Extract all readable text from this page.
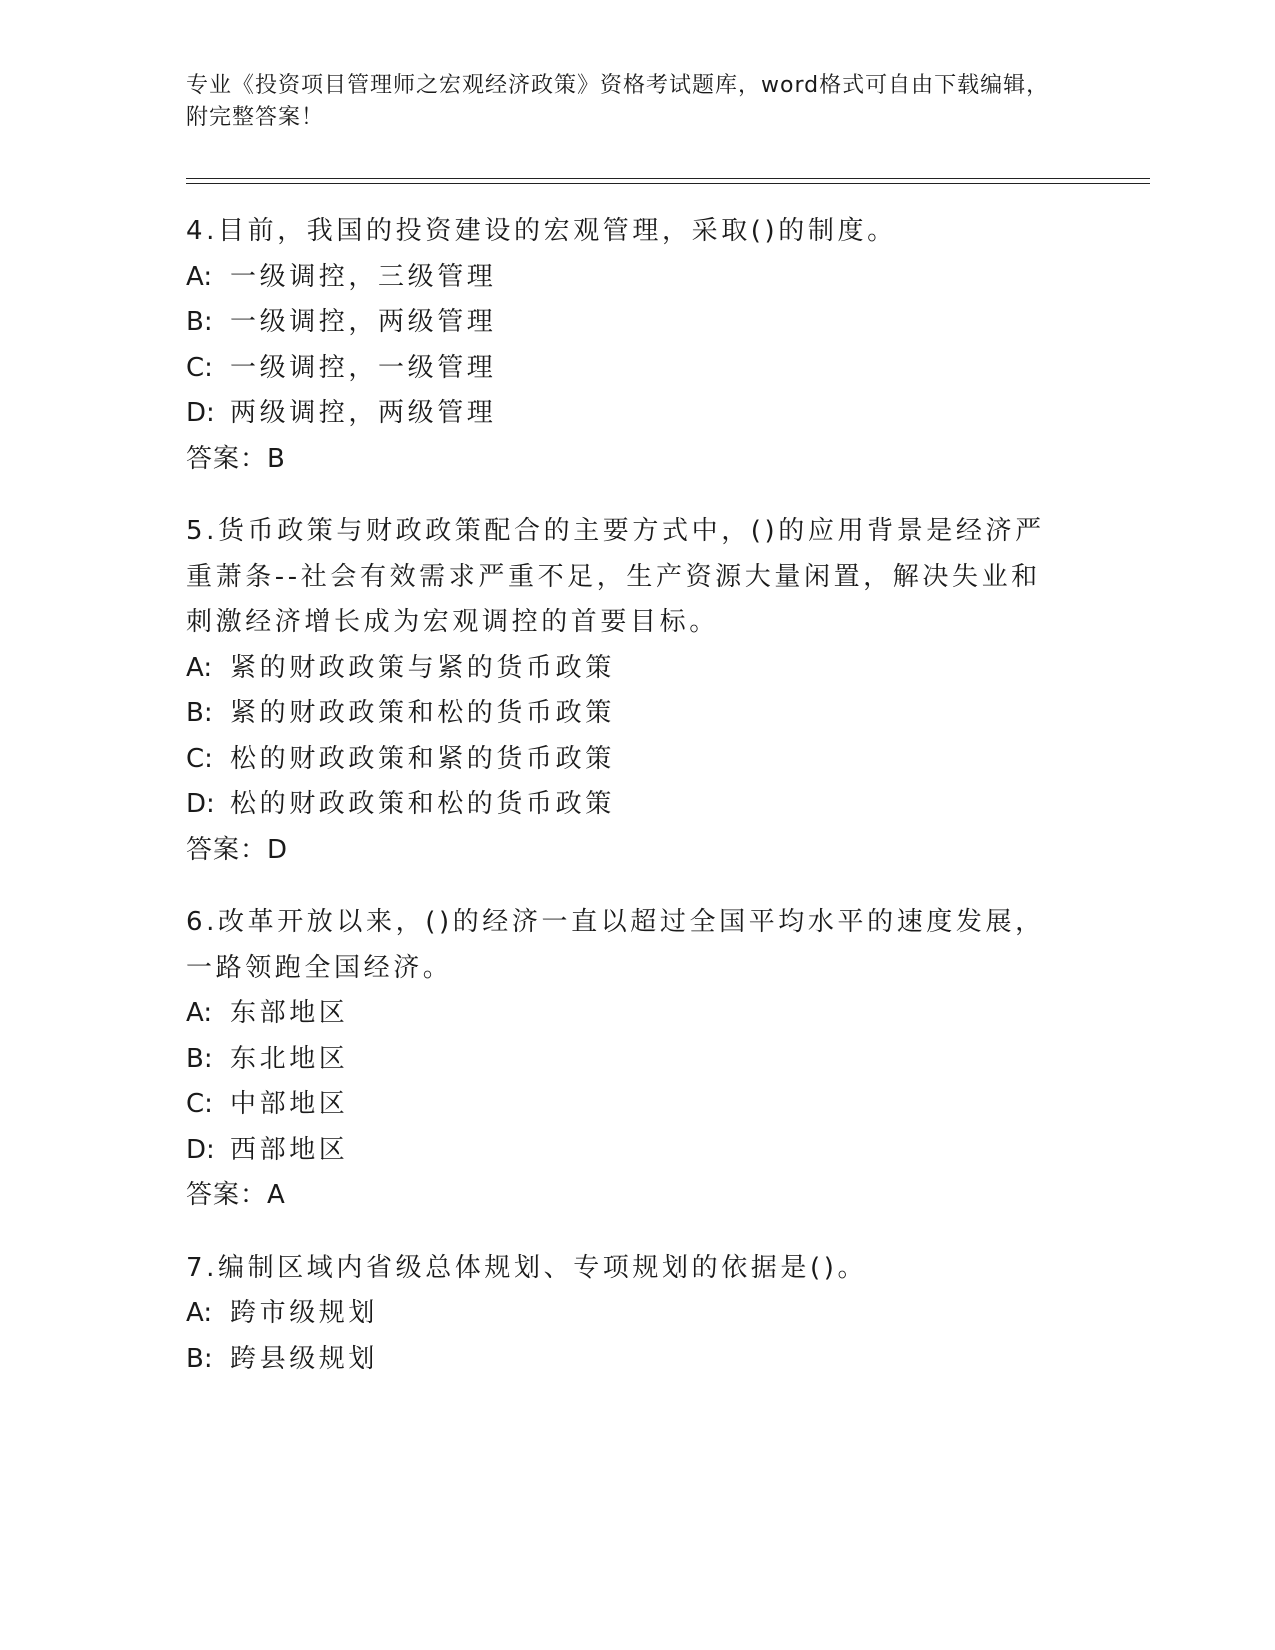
专业《投资项目管理师之宏观经济政策》资格考试题库，word格式可自由下载编辑，附完整答案！

4.目前，我国的投资建设的宏观管理，采取()的制度。

A: 一级调控，三级管理

B: 一级调控，两级管理

C: 一级调控，一级管理

D: 两级调控，两级管理

答案：B

5.货币政策与财政政策配合的主要方式中，()的应用背景是经济严重萧条--社会有效需求严重不足，生产资源大量闲置，解决失业和刺激经济增长成为宏观调控的首要目标。

A: 紧的财政政策与紧的货币政策

B: 紧的财政政策和松的货币政策

C: 松的财政政策和紧的货币政策

D: 松的财政政策和松的货币政策

答案：D

6.改革开放以来，()的经济一直以超过全国平均水平的速度发展，一路领跑全国经济。

A: 东部地区

B: 东北地区

C: 中部地区

D: 西部地区

答案：A

7.编制区域内省级总体规划、专项规划的依据是()。

A: 跨市级规划

B: 跨县级规划
